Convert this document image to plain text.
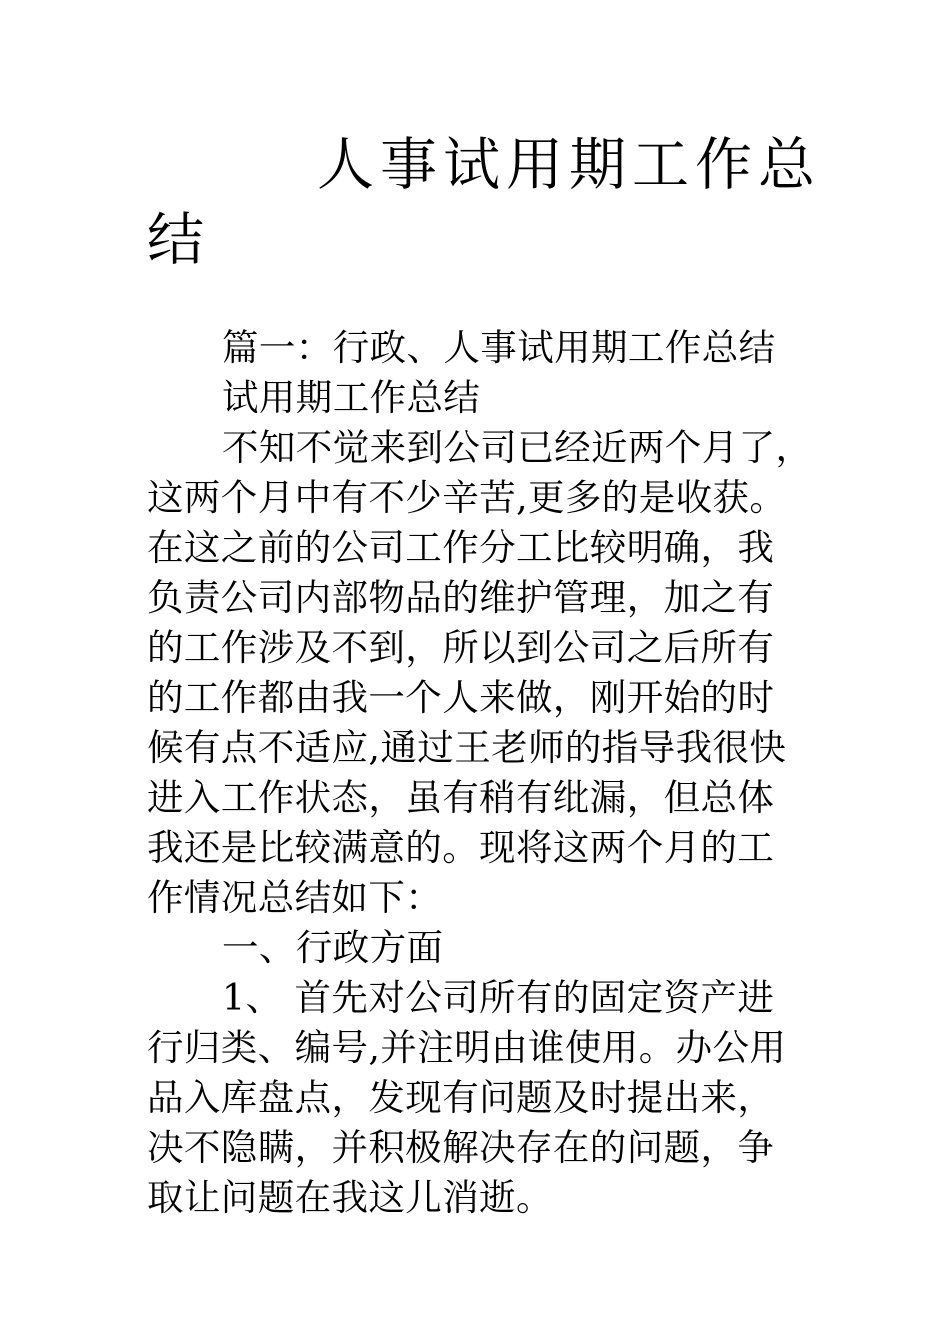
人事试用期工作总结
篇一：行政、人事试用期工作总结
试用期工作总结
不知不觉来到公司已经近两个月了，
这两个月中有不少辛苦,更多的是收获。
在这之前的公司工作分工比较明确，我
负责公司内部物品的维护管理，加之有
的工作涉及不到，所以到公司之后所有
的工作都由我一个人来做，刚开始的时
候有点不适应,通过王老师的指导我很快
进入工作状态，虽有稍有纰漏，但总体
我还是比较满意的。现将这两个月的工
作情况总结如下：
一、行政方面
1、 首先对公司所有的固定资产进
行归类、编号,并注明由谁使用。办公用
品入库盘点，发现有问题及时提出来，
决不隐瞒，并积极解决存在的问题，争
取让问题在我这儿消逝。
